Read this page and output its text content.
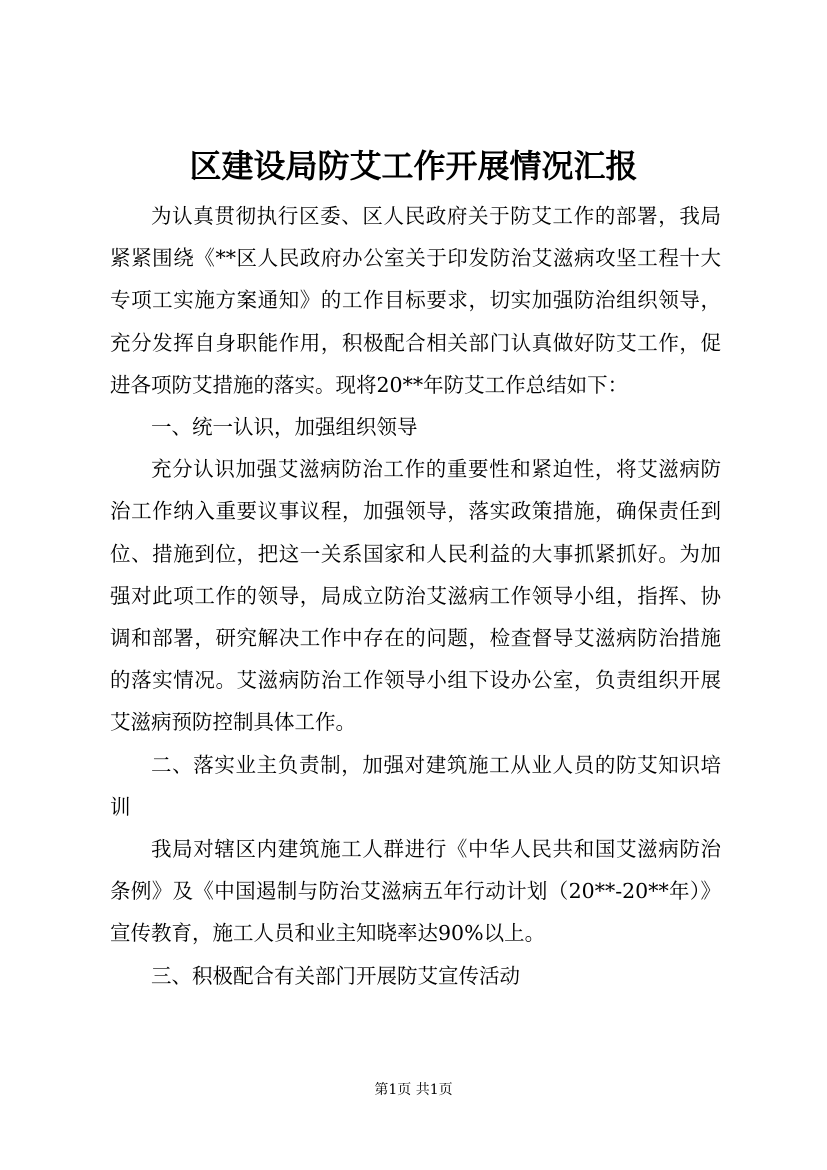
区建设局防艾工作开展情况汇报

为认真贯彻执行区委、区人民政府关于防艾工作的部署，我局紧紧围绕《**区人民政府办公室关于印发防治艾滋病攻坚工程十大专项工实施方案通知》的工作目标要求，切实加强防治组织领导，充分发挥自身职能作用，积极配合相关部门认真做好防艾工作，促进各项防艾措施的落实。现将20**年防艾工作总结如下：

一、统一认识，加强组织领导

充分认识加强艾滋病防治工作的重要性和紧迫性，将艾滋病防治工作纳入重要议事议程，加强领导，落实政策措施，确保责任到位、措施到位，把这一关系国家和人民利益的大事抓紧抓好。为加强对此项工作的领导，局成立防治艾滋病工作领导小组，指挥、协调和部署，研究解决工作中存在的问题，检查督导艾滋病防治措施的落实情况。艾滋病防治工作领导小组下设办公室，负责组织开展艾滋病预防控制具体工作。

二、落实业主负责制，加强对建筑施工从业人员的防艾知识培训

我局对辖区内建筑施工人群进行《中华人民共和国艾滋病防治条例》及《中国遏制与防治艾滋病五年行动计划（20**-20**年）》宣传教育，施工人员和业主知晓率达90%以上。

三、积极配合有关部门开展防艾宣传活动

第1页 共1页
